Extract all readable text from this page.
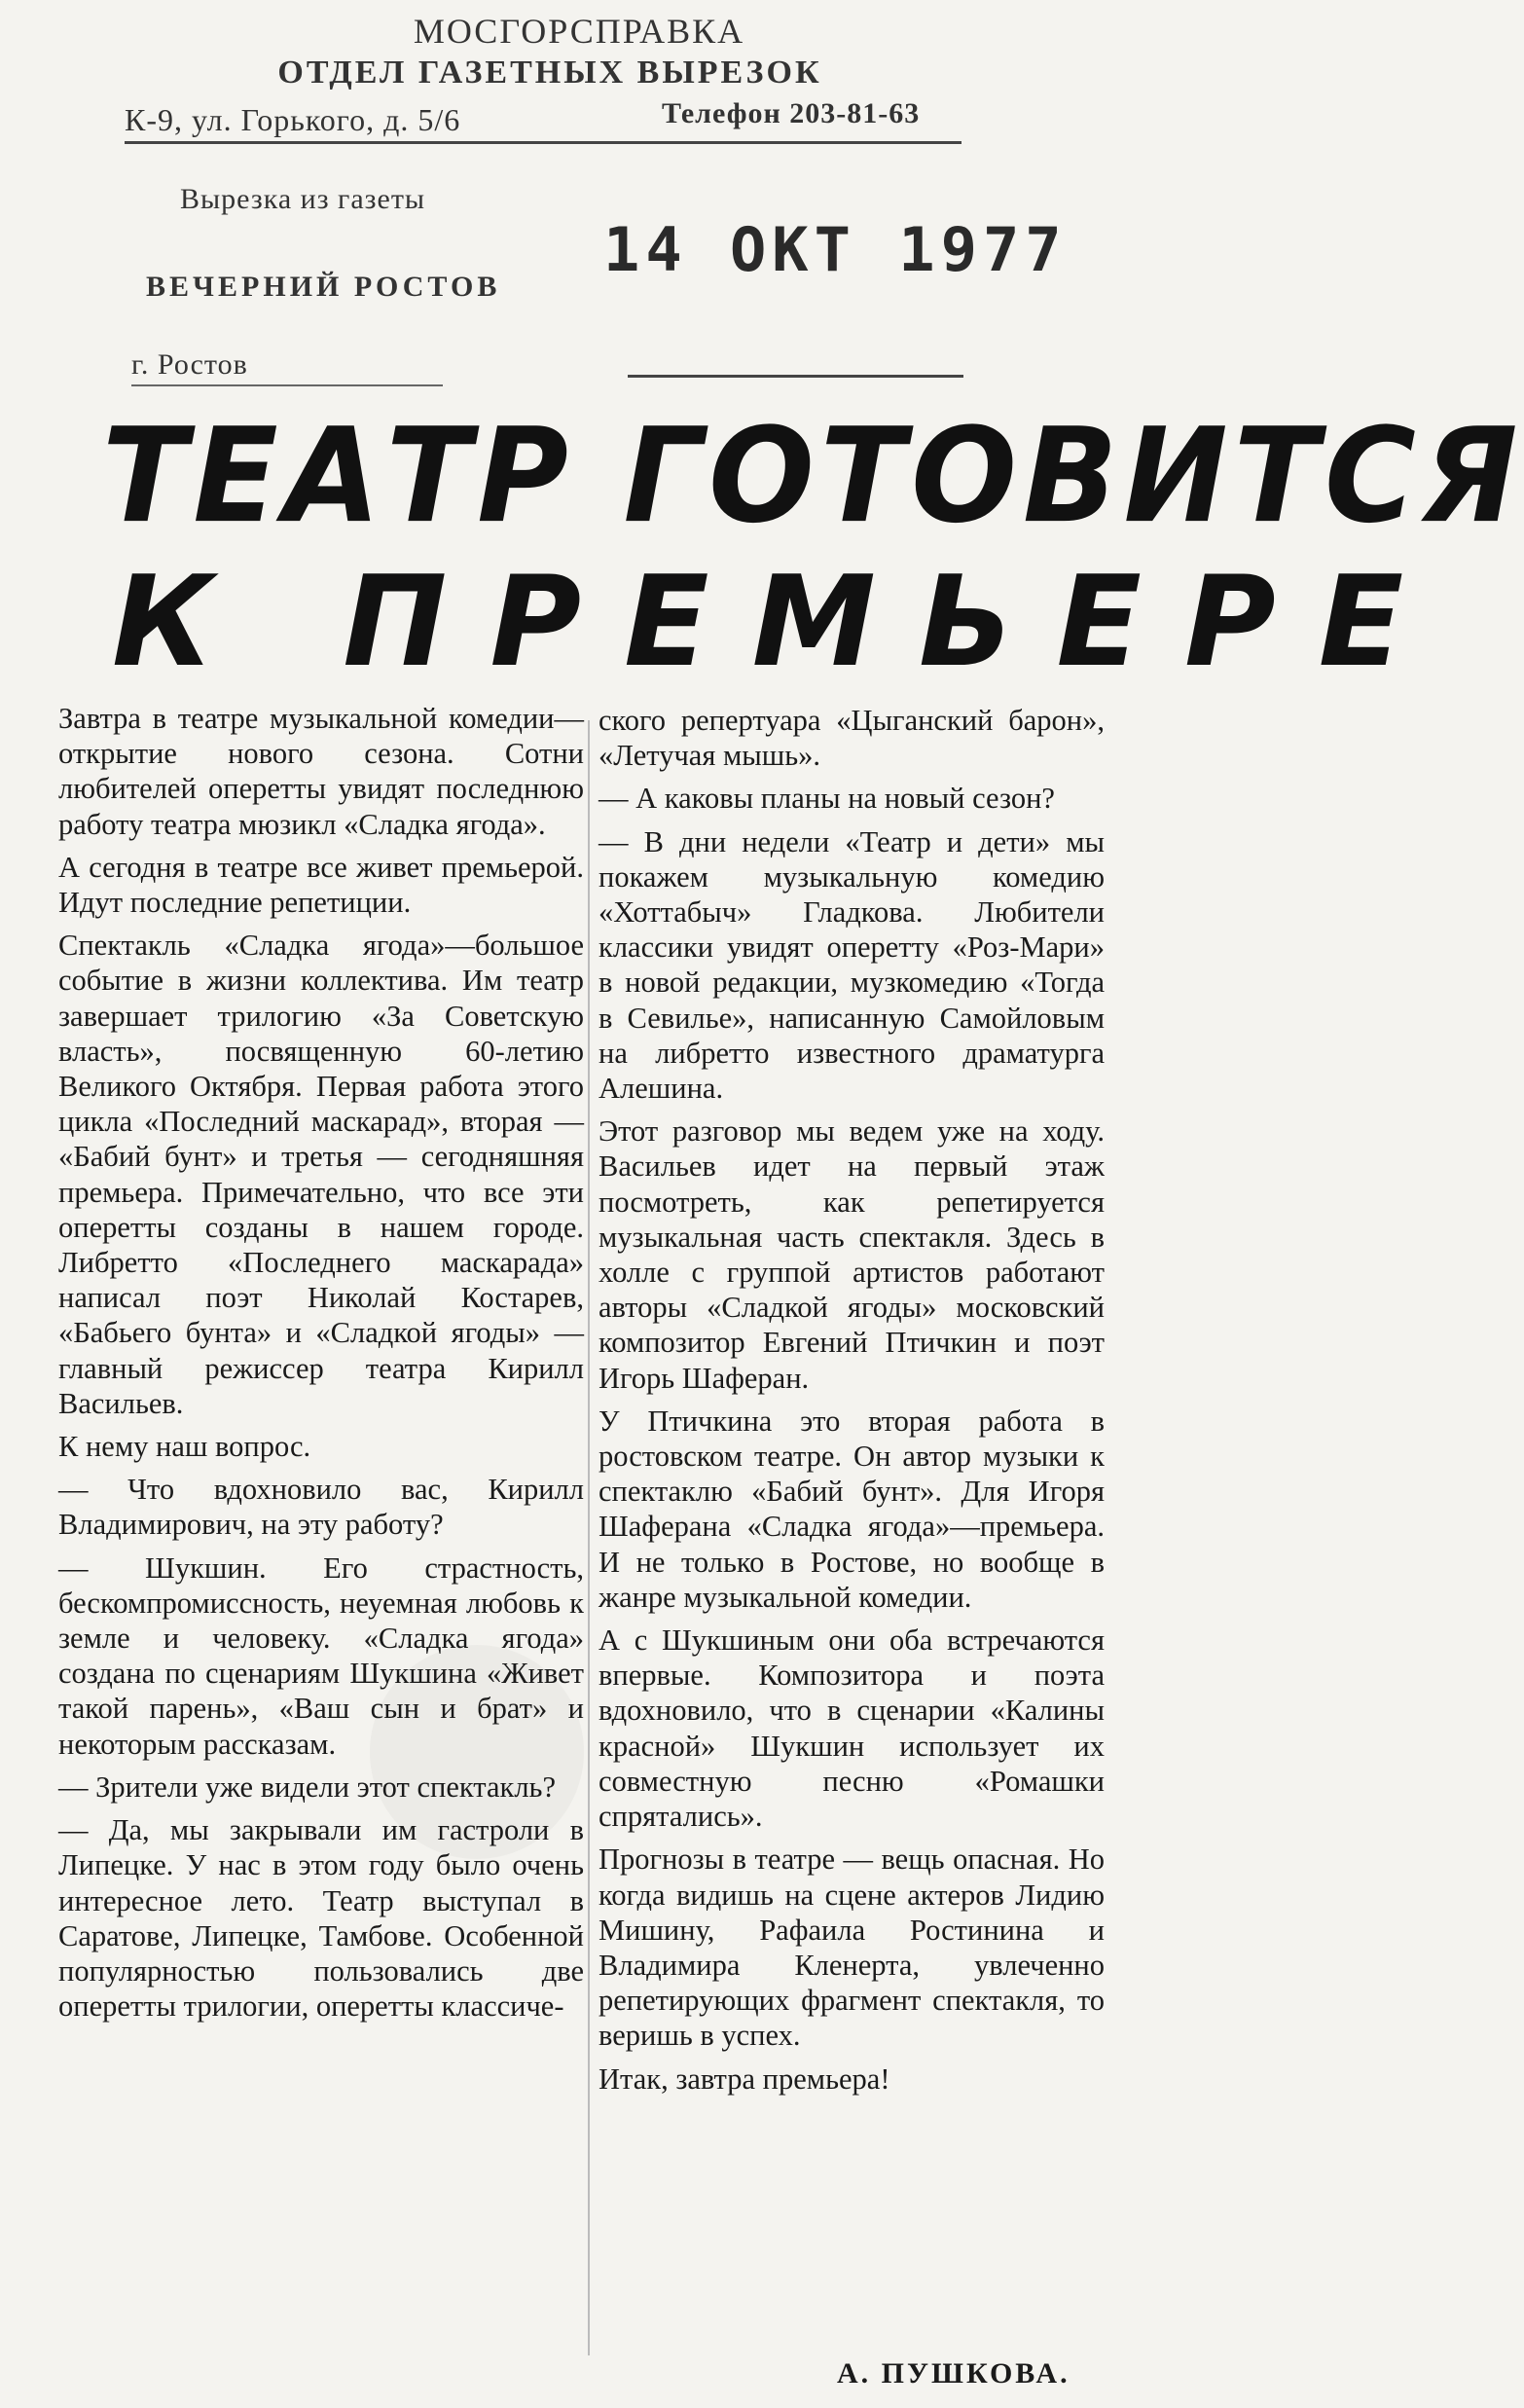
МОСГОРСПРАВКА
ОТДЕЛ ГАЗЕТНЫХ ВЫРЕЗОК
К-9, ул. Горького, д. 5/6	Телефон 203-81-63
Вырезка из газеты
ВЕЧЕРНИЙ РОСТОВ
г. Ростов
14 ОКТ 1977
ТЕАТР ГОТОВИТСЯ
К ПРЕМЬЕРЕ

Завтра в театре музыкальной комедии—открытие нового сезона. Сотни любителей оперетты увидят последнюю работу театра мюзикл «Сладка ягода».

А сегодня в театре все живет премьерой. Идут последние репетиции.

Спектакль «Сладка ягода»—большое событие в жизни коллектива. Им театр завершает трилогию «За Советскую власть», посвященную 60-летию Великого Октября. Первая работа этого цикла «Последний маскарад», вторая — «Бабий бунт» и третья — сегодняшняя премьера. Примечательно, что все эти оперетты созданы в нашем городе. Либретто «Последнего маскарада» написал поэт Николай Костарев, «Бабьего бунта» и «Сладкой ягоды» — главный режиссер театра Кирилл Васильев.

К нему наш вопрос.

— Что вдохновило вас, Кирилл Владимирович, на эту работу?

— Шукшин. Его страстность, бескомпромиссность, неуемная любовь к земле и человеку. «Сладка ягода» создана по сценариям Шукшина «Живет такой парень», «Ваш сын и брат» и некоторым рассказам.

— Зрители уже видели этот спектакль?

— Да, мы закрывали им гастроли в Липецке. У нас в этом году было очень интересное лето. Театр выступал в Саратове, Липецке, Тамбове. Особенной популярностью пользовались две оперетты трилогии, оперетты классиче-

ского репертуара «Цыганский барон», «Летучая мышь».

— А каковы планы на новый сезон?

— В дни недели «Театр и дети» мы покажем музыкальную комедию «Хоттабыч» Гладкова. Любители классики увидят оперетту «Роз-Мари» в новой редакции, музкомедию «Тогда в Севилье», написанную Самойловым на либретто известного драматурга Алешина.

Этот разговор мы ведем уже на ходу. Васильев идет на первый этаж посмотреть, как репетируется музыкальная часть спектакля. Здесь в холле с группой артистов работают авторы «Сладкой ягоды» московский композитор Евгений Птичкин и поэт Игорь Шаферан.

У Птичкина это вторая работа в ростовском театре. Он автор музыки к спектаклю «Бабий бунт». Для Игоря Шаферана «Сладка ягода»—премьера. И не только в Ростове, но вообще в жанре музыкальной комедии.

А с Шукшиным они оба встречаются впервые. Композитора и поэта вдохновило, что в сценарии «Калины красной» Шукшин использует их совместную песню «Ромашки спрятались».

Прогнозы в театре — вещь опасная. Но когда видишь на сцене актеров Лидию Мишину, Рафаила Ростинина и Владимира Кленерта, увлеченно репетирующих фрагмент спектакля, то веришь в успех.

Итак, завтра премьера!

А. ПУШКОВА.
